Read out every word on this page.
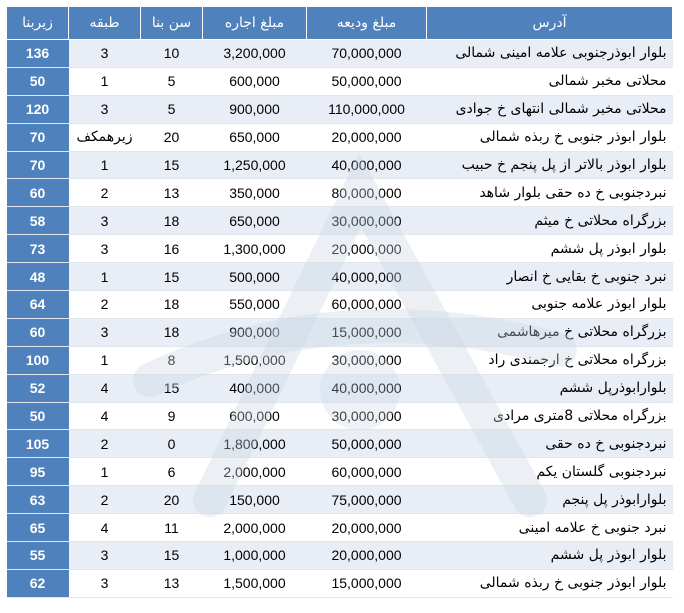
آدرس	مبلغ ودیعه	مبلغ اجاره	سن بنا	طبقه	زیربنا
بلوار ابوذرجنوبی علامه امینی شمالی	70,000,000	3,200,000	10	3	136
محلاتی مخبر شمالی	50,000,000	600,000	5	1	50
محلاتی مخبر شمالی انتهای خ جوادی	110,000,000	900,000	5	3	120
بلوار ابوذر جنوبی خ ربذه شمالی	20,000,000	650,000	20	زیرهمکف	70
بلوار ابوذر بالاتر از پل پنجم خ حبیب	40,000,000	1,250,000	15	1	70
نبردجنوبی خ ده حقی بلوار شاهد	80,000,000	350,000	13	2	60
بزرگراه محلاتی خ میثم	30,000,000	650,000	18	3	58
بلوار ابوذر پل ششم	20,000,000	1,300,000	16	3	73
نبرد جنوبی خ بقایی خ انصار	40,000,000	500,000	15	1	48
بلوار ابوذر علامه جنوبی	60,000,000	550,000	18	2	64
بزرگراه محلاتی خ میرهاشمی	15,000,000	900,000	18	3	60
بزرگراه محلاتی خ ارجمندی راد	30,000,000	1,500,000	8	1	100
بلوارابوذرپل ششم	40,000,000	400,000	15	4	52
بزرگراه محلاتی 8متری مرادی	30,000,000	600,000	9	4	50
نبردجنوبی خ ده حقی	50,000,000	1,800,000	0	2	105
نبردجنوبی گلستان یکم	60,000,000	2,000,000	6	1	95
بلوارابوذر پل پنجم	75,000,000	150,000	20	2	63
نبرد جنوبی خ علامه امینی	20,000,000	2,000,000	11	4	65
بلوار ابوذر پل ششم	20,000,000	1,000,000	15	3	55
بلوار ابوذر جنوبی خ ربذه شمالی	15,000,000	1,500,000	13	3	62
